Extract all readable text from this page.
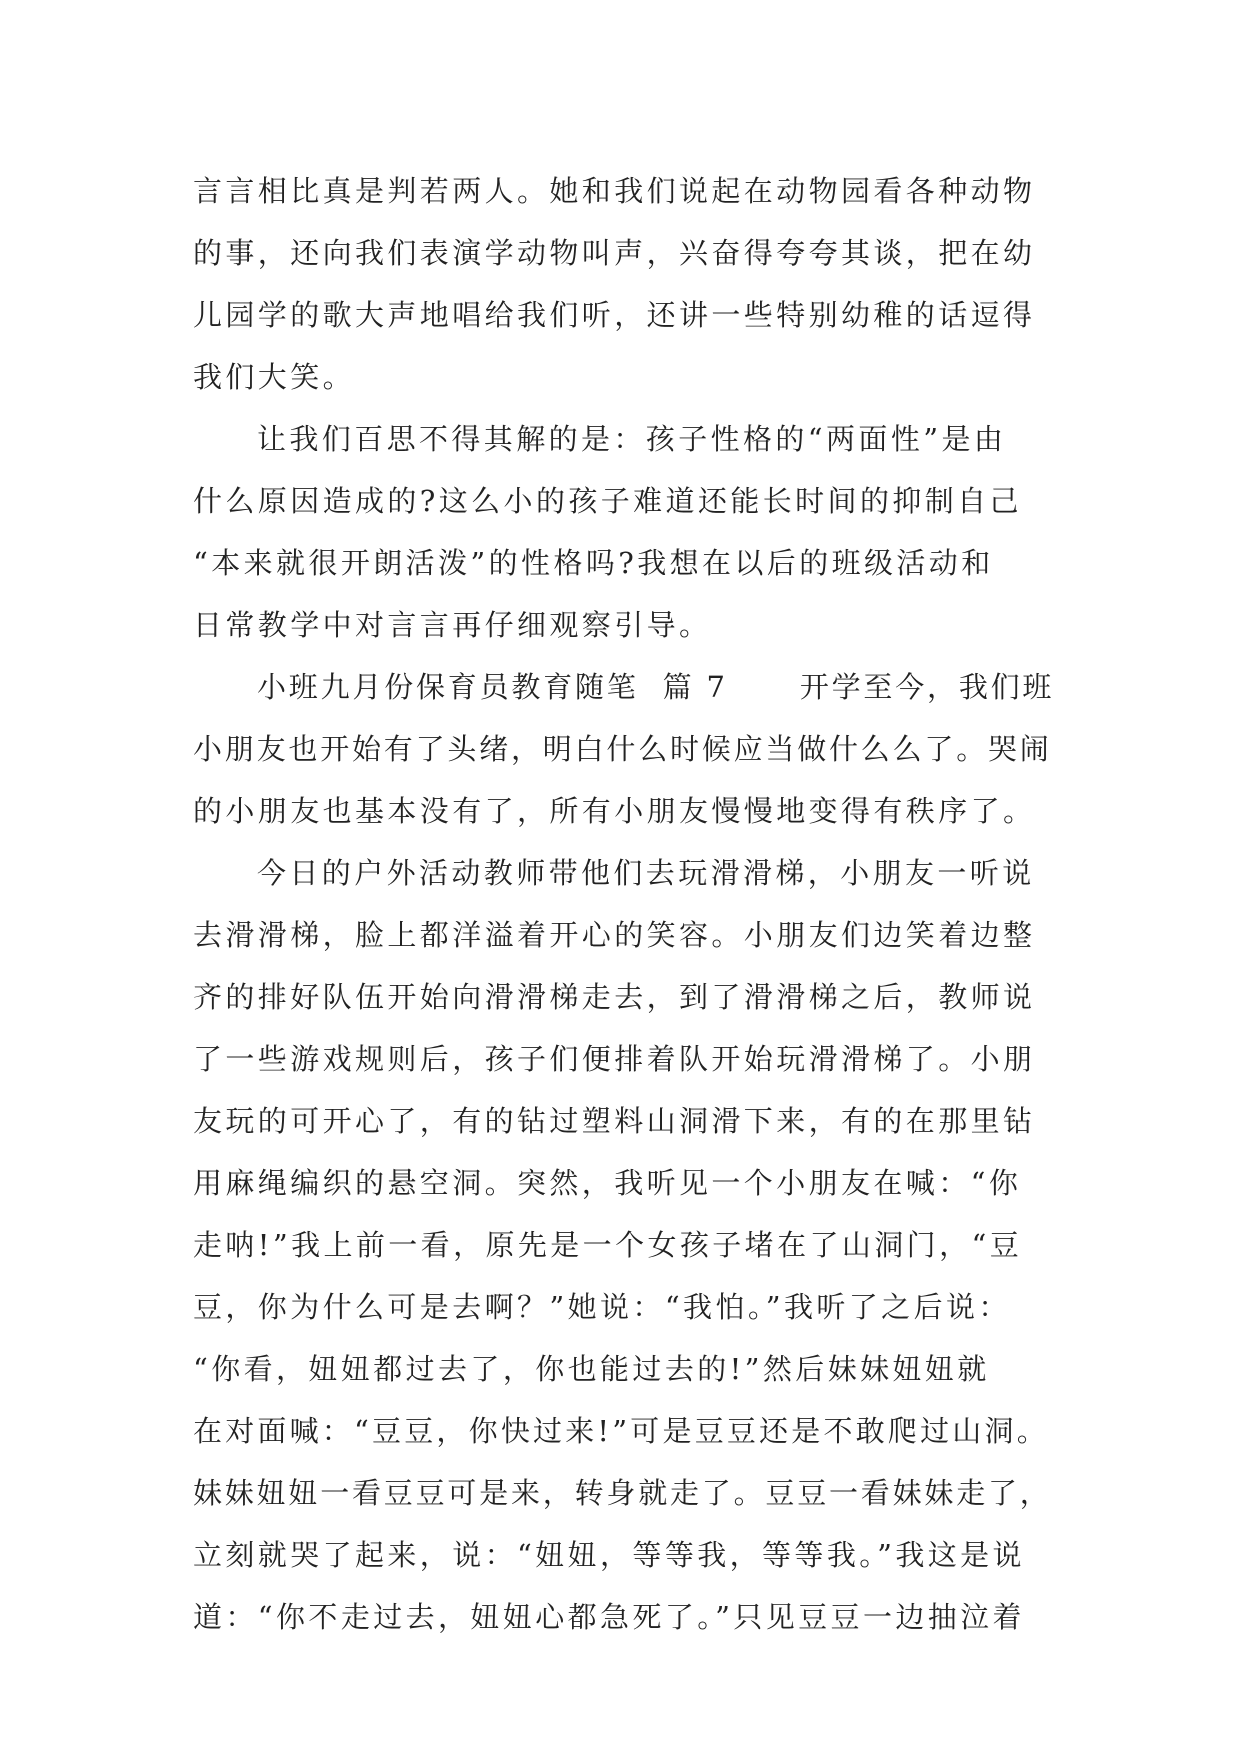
言言相比真是判若两人。她和我们说起在动物园看各种动物
的事，还向我们表演学动物叫声，兴奋得夸夸其谈，把在幼
儿园学的歌大声地唱给我们听，还讲一些特别幼稚的话逗得
我们大笑。
让我们百思不得其解的是：孩子性格的“两面性”是由
什么原因造成的?这么小的孩子难道还能长时间的抑制自己
“本来就很开朗活泼”的性格吗?我想在以后的班级活动和
日常教学中对言言再仔细观察引导。
小班九月份保育员教育随笔  篇 7      开学至今，我们班
小朋友也开始有了头绪，明白什么时候应当做什么么了。哭闹
的小朋友也基本没有了，所有小朋友慢慢地变得有秩序了。
今日的户外活动教师带他们去玩滑滑梯，小朋友一听说
去滑滑梯，脸上都洋溢着开心的笑容。小朋友们边笑着边整
齐的排好队伍开始向滑滑梯走去，到了滑滑梯之后，教师说
了一些游戏规则后，孩子们便排着队开始玩滑滑梯了。小朋
友玩的可开心了，有的钻过塑料山洞滑下来，有的在那里钻
用麻绳编织的悬空洞。突然，我听见一个小朋友在喊：“你
走呐!”我上前一看，原先是一个女孩子堵在了山洞门，“豆
豆，你为什么可是去啊？”她说：“我怕。”我听了之后说：
“你看，妞妞都过去了，你也能过去的!”然后妹妹妞妞就
在对面喊：“豆豆，你快过来!”可是豆豆还是不敢爬过山洞。
妹妹妞妞一看豆豆可是来，转身就走了。豆豆一看妹妹走了，
立刻就哭了起来，说：“妞妞，等等我，等等我。”我这是说
道：“你不走过去，妞妞心都急死了。”只见豆豆一边抽泣着
